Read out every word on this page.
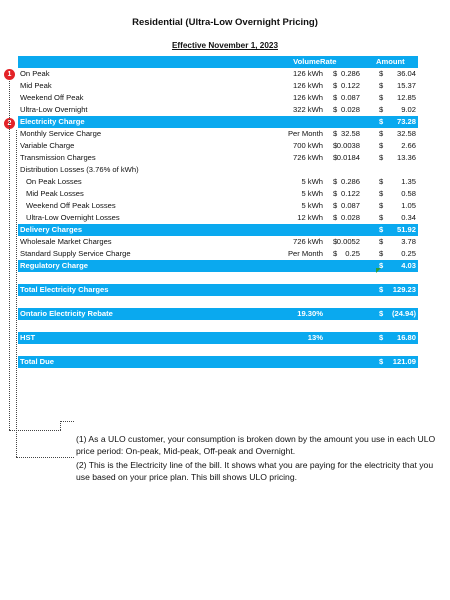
Residential (Ultra-Low Overnight Pricing)
Effective November 1, 2023
Volume Rate	Amount
On Peak	126 kWh $ 0.286	$ 36.04
Mid Peak	126 kWh $ 0.122	$ 15.37
Weekend Off Peak	126 kWh $ 0.087	$ 12.85
Ultra-Low Overnight	322 kWh $ 0.028	$ 9.02
Electricity Charge	$ 73.28
Monthly Service Charge	Per Month $ 32.58	$ 32.58
Variable Charge	700 kWh $ 0.0038	$ 2.66
Transmission Charges	726 kWh $ 0.0184	$ 13.36
Distribution Losses (3.76% of kWh)
On Peak Losses	5 kWh $ 0.286	$ 1.35
Mid Peak Losses	5 kWh $ 0.122	$ 0.58
Weekend Off Peak Losses	5 kWh $ 0.087	$ 1.05
Ultra-Low Overnight Losses	12 kWh $ 0.028	$ 0.34
Delivery Charges	$ 51.92
Wholesale Market Charges	726 kWh $ 0.0052	$ 3.78
Standard Supply Service Charge	Per Month $ 0.25	$ 0.25
Regulatory Charge	$ 4.03
Total Electricity Charges	$ 129.23
Ontario Electricity Rebate	19.30%	$ (24.94)
HST	13%	$ 16.80
Total Due	$ 121.09
1
2

(1) As a ULO customer, your consumption is broken down by the amount you use in each ULO price period: On-peak, Mid-peak, Off-peak and Overnight.

(2) This is the Electricity line of the bill. It shows what you are paying for the electricity that you use based on your price plan. This bill shows ULO pricing.
